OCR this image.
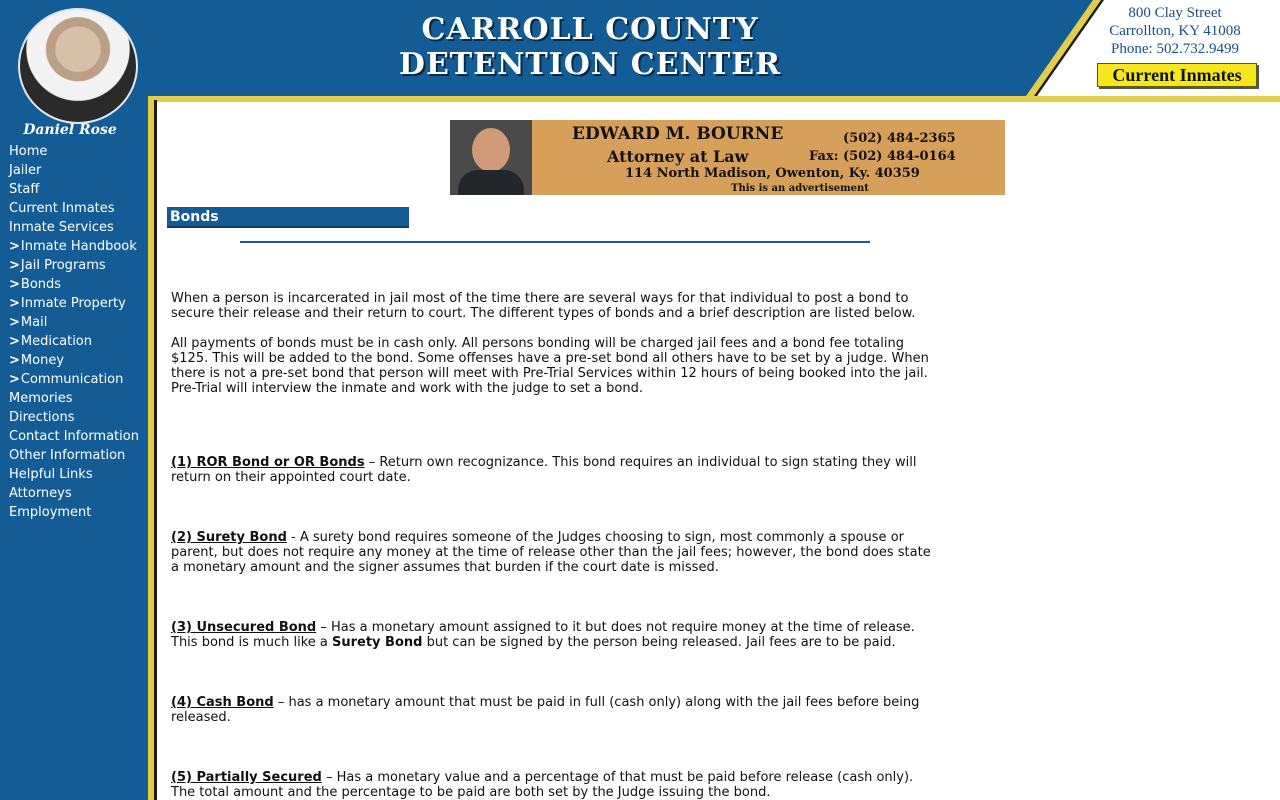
CARROLL COUNTY
DETENTION CENTER
800 Clay Street
Carrollton, KY 41008
Phone: 502.732.9499
Current Inmates
Daniel Rose
Home
Jailer
Staff
Current Inmates
Inmate Services
>Inmate Handbook
>Jail Programs
>Bonds
>Inmate Property
>Mail
>Medication
>Money
>Communication
Memories
Directions
Contact Information
Other Information
Helpful Links
Attorneys
Employment
EDWARD M. BOURNE	(502) 484-2365
Attorney at Law	Fax: (502) 484-0164
114 North Madison, Owenton, Ky. 40359
This is an advertisement
Bonds

When a person is incarcerated in jail most of the time there are several ways for that individual to post a bond to secure their release and their return to court. The different types of bonds and a brief description are listed below.

All payments of bonds must be in cash only. All persons bonding will be charged jail fees and a bond fee totaling $125. This will be added to the bond. Some offenses have a pre-set bond all others have to be set by a judge. When there is not a pre-set bond that person will meet with Pre-Trial Services within 12 hours of being booked into the jail. Pre-Trial will interview the inmate and work with the judge to set a bond.

(1) ROR Bond or OR Bonds – Return own recognizance. This bond requires an individual to sign stating they will return on their appointed court date.

(2) Surety Bond - A surety bond requires someone of the Judges choosing to sign, most commonly a spouse or parent, but does not require any money at the time of release other than the jail fees; however, the bond does state a monetary amount and the signer assumes that burden if the court date is missed.

(3) Unsecured Bond – Has a monetary amount assigned to it but does not require money at the time of release. This bond is much like a Surety Bond but can be signed by the person being released. Jail fees are to be paid.

(4) Cash Bond – has a monetary amount that must be paid in full (cash only) along with the jail fees before being released.

(5) Partially Secured – Has a monetary value and a percentage of that must be paid before release (cash only). The total amount and the percentage to be paid are both set by the Judge issuing the bond.
